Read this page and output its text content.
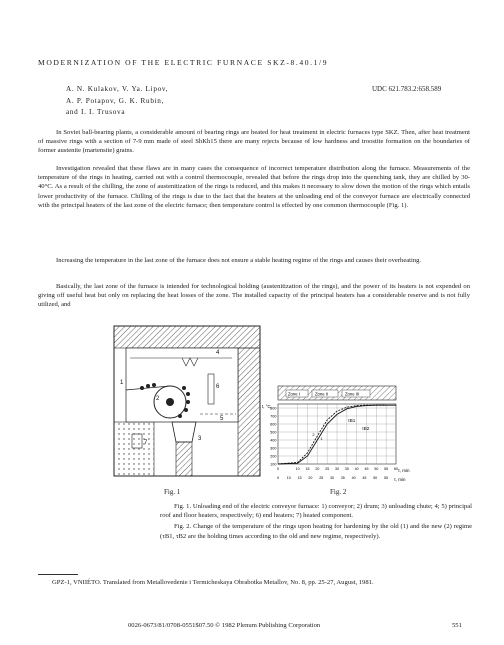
MODERNIZATION OF THE ELECTRIC FURNACE SKZ-8.40.1/9
A. N. Kulakov, V. Ya. Lipov,
A. P. Potapov, G. K. Rubin,
and I. I. Trusova
UDC 621.783.2:658.589

In Soviet ball-bearing plants, a considerable amount of bearing rings are heated for heat treatment in electric furnaces type SKZ. Then, after heat treatment of massive rings with a section of 7-9 mm made of steel ShKh15 there are many rejects because of low hardness and troostite formation on the boundaries of former austenite (martensite) grains.

Investigation revealed that these flaws are in many cases the consequence of incorrect temperature distribution along the furnace. Measurements of the temperature of the rings in heating, carried out with a control thermocouple, revealed that before the rings drop into the quenching tank, they are chilled by 30-40°C. As a result of the chilling, the zone of austenitization of the rings is reduced, and this makes it necessary to slow down the motion of the rings which entails lower productivity of the furnace. Chilling of the rings is due to the fact that the heaters at the unloading end of the conveyor furnace are electrically connected with the principal heaters of the last zone of the electric furnace; then temperature control is effected by one common thermocouple (Fig. 1).

Increasing the temperature in the last zone of the furnace does not ensure a stable heating regime of the rings and causes their overheating.

Basically, the last zone of the furnace is intended for technological holding (austenitization of the rings), and the power of its heaters is not expended on giving off useful heat but only on replacing the heat losses of the zone. The installed capacity of the principal heaters has a considerable reserve and is not fully utilized, and

1
2
3
4
5
6
7
Fig. 1
Zone I	Zone II	Zone III
t, °C 800
700
600
500
400
300
200
100
0	10 15 20 25 30 35 40 45 50 55 60
0 10 15 20 25 30 35 40 45 50 55
1
2
τ, min
τ, min
τB1
τB2
Fig. 2

Fig. 1. Unloading end of the electric conveyor furnace: 1) conveyor; 2) drum; 3) unloading chute; 4; 5) principal roof and floor heaters, respectively; 6) end heaters; 7) heated component.

Fig. 2. Change of the temperature of the rings upon heating for hardening by the old (1) and the new (2) regime (τB1, τB2 are the holding times according to the old and new regime, respectively).

GPZ-1, VNIIÉTO. Translated from Metallovedenie i Termicheskaya Obrabotka Metallov, No. 8, pp. 25-27, August, 1981.
0026-0673/81/0708-0551$07.50 © 1982 Plenum Publishing Corporation	551
